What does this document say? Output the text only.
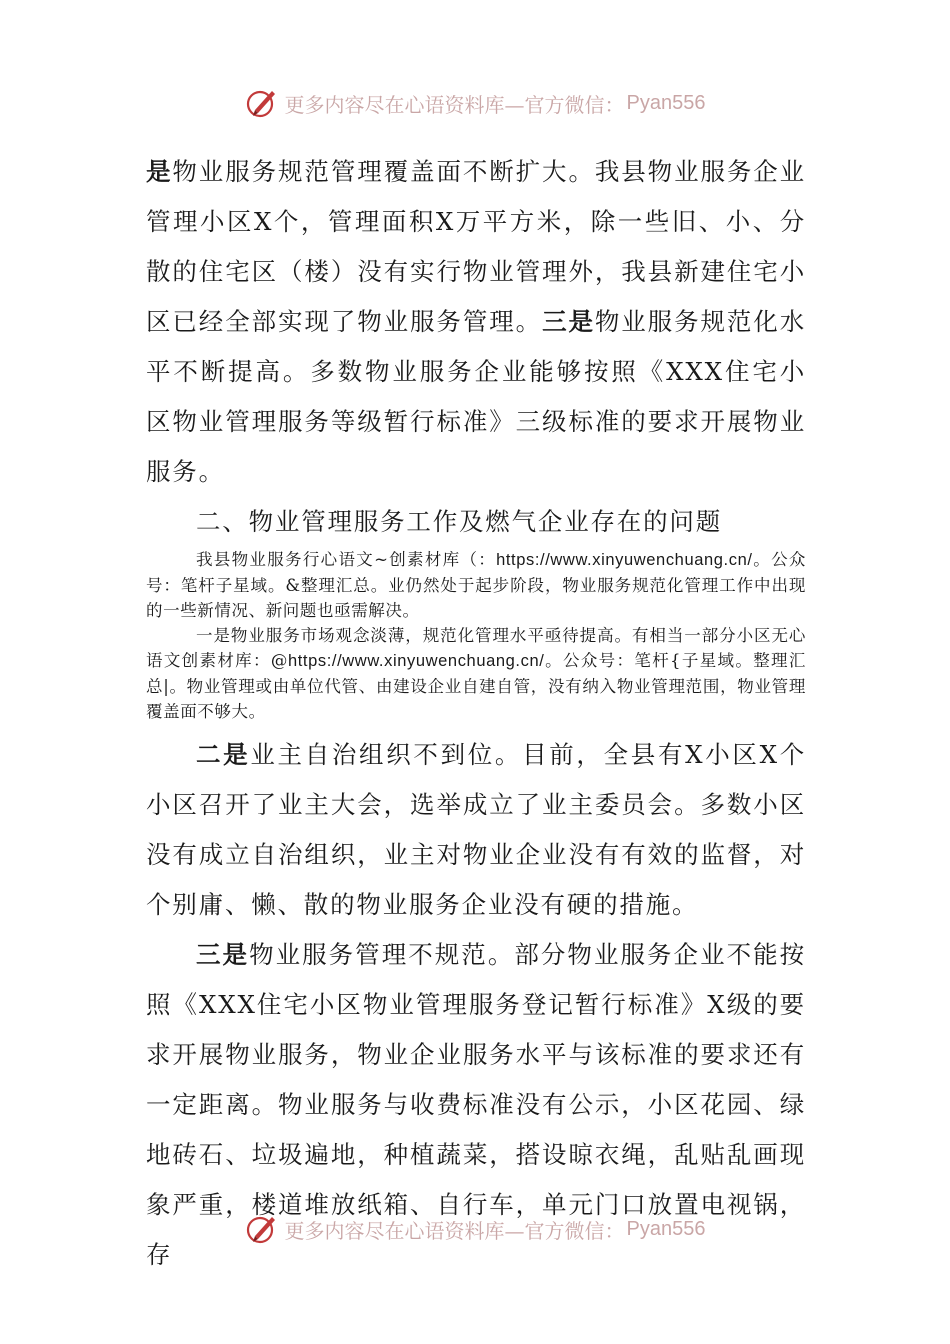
更多内容尽在心语资料库—官方微信： Pyan556

是物业服务规范管理覆盖面不断扩大。我县物业服务企业管理小区X个，管理面积X万平方米，除一些旧、小、分散的住宅区（楼）没有实行物业管理外，我县新建住宅小区已经全部实现了物业服务管理。三是物业服务规范化水平不断提高。多数物业服务企业能够按照《XXX住宅小区物业管理服务等级暂行标准》三级标准的要求开展物业服务。

二、物业管理服务工作及燃气企业存在的问题

我县物业服务行心语文~创素材库（：https://www.xinyuwenchuang.cn/。公众号：笔杆子星域。&整理汇总。业仍然处于起步阶段，物业服务规范化管理工作中出现的一些新情况、新问题也亟需解决。

一是物业服务市场观念淡薄，规范化管理水平亟待提高。有相当一部分小区无心语文创素材库：@https://www.xinyuwenchuang.cn/。公众号：笔杆{子星域。整理汇总|。物业管理或由单位代管、由建设企业自建自管，没有纳入物业管理范围，物业管理覆盖面不够大。

二是业主自治组织不到位。目前，全县有X小区X个小区召开了业主大会，选举成立了业主委员会。多数小区没有成立自治组织，业主对物业企业没有有效的监督，对个别庸、懒、散的物业服务企业没有硬的措施。

三是物业服务管理不规范。部分物业服务企业不能按照《XXX住宅小区物业管理服务登记暂行标准》X级的要求开展物业服务，物业企业服务水平与该标准的要求还有一定距离。物业服务与收费标准没有公示，小区花园、绿地砖石、垃圾遍地，种植蔬菜，搭设晾衣绳，乱贴乱画现象严重，楼道堆放纸箱、自行车，单元门口放置电视锅，存

更多内容尽在心语资料库—官方微信： Pyan556
